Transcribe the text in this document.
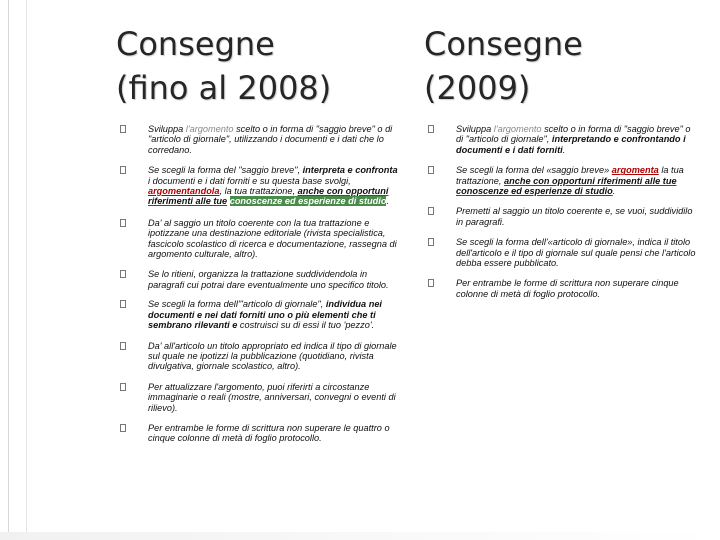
Consegne
(fino al 2008)
Sviluppa l'argomento scelto o in forma di "saggio breve" o di "articolo di giornale", utilizzando i documenti e i dati che lo corredano.
Se scegli la forma del "saggio breve", interpreta e confronta i documenti e i dati forniti e su questa base svolgi, argomentandola, la tua trattazione, anche con opportuni riferimenti alle tue conoscenze ed esperienze di studio.
Da' al saggio un titolo coerente con la tua trattazione e ipotizzane una destinazione editoriale (rivista specialistica, fascicolo scolastico di ricerca e documentazione, rassegna di argomento culturale, altro).
Se lo ritieni, organizza la trattazione suddividendola in paragrafi cui potrai dare eventualmente uno specifico titolo.
Se scegli la forma dell'"articolo di giornale", individua nei documenti e nei dati forniti uno o più elementi che ti sembrano rilevanti e costruisci su di essi il tuo 'pezzo'.
Da' all'articolo un titolo appropriato ed indica il tipo di giornale sul quale ne ipotizzi la pubblicazione (quotidiano, rivista divulgativa, giornale scolastico, altro).
Per attualizzare l'argomento, puoi riferirti a circostanze immaginarie o reali (mostre, anniversari, convegni o eventi di rilievo).
Per entrambe le forme di scrittura non superare le quattro o cinque colonne di metà di foglio protocollo.
Consegne
(2009)
Sviluppa l'argomento scelto o in forma di "saggio breve" o di "articolo di giornale", interpretando e confrontando i documenti e i dati forniti.
Se scegli la forma del «saggio breve» argomenta la tua trattazione, anche con opportuni riferimenti alle tue conoscenze ed esperienze di studio.
Premetti al saggio un titolo coerente e, se vuoi, suddividilo in paragrafi.
Se scegli la forma dell'«articolo di giornale», indica il titolo dell'articolo e il tipo di giornale sul quale pensi che l'articolo debba essere pubblicato.
Per entrambe le forme di scrittura non superare cinque colonne di metà di foglio protocollo.
